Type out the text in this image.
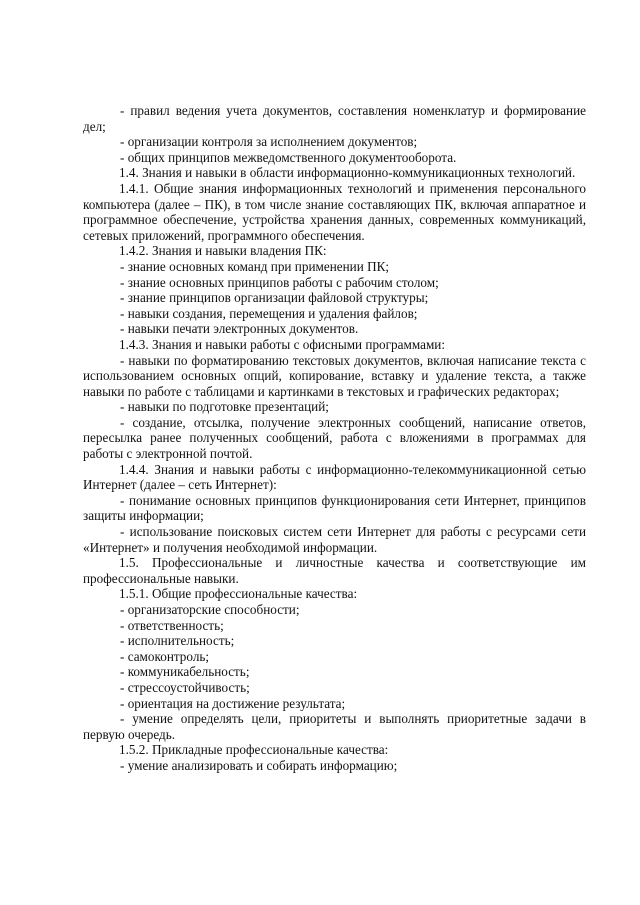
- правил ведения учета документов, составления номенклатур и формирование дел;

- организации контроля за исполнением документов;

- общих принципов межведомственного документооборота.

1.4. Знания и навыки в области информационно-коммуникационных технологий.

1.4.1. Общие знания информационных технологий и применения персонального компьютера (далее – ПК), в том числе знание составляющих ПК, включая аппаратное и программное обеспечение, устройства хранения данных, современных коммуникаций, сетевых приложений, программного обеспечения.

1.4.2. Знания и навыки владения ПК:

- знание основных команд при применении ПК;

- знание основных принципов работы с рабочим столом;

- знание принципов организации файловой структуры;

- навыки создания, перемещения и удаления файлов;

- навыки печати электронных документов.

1.4.3. Знания и навыки работы с офисными программами:

- навыки по форматированию текстовых документов, включая написание текста с использованием основных опций, копирование, вставку и удаление текста, а также навыки по работе с таблицами и картинками в текстовых и графических редакторах;

- навыки по подготовке презентаций;

- создание, отсылка, получение электронных сообщений, написание ответов, пересылка ранее полученных сообщений, работа с вложениями в программах для работы с электронной почтой.

1.4.4. Знания и навыки работы с информационно-телекоммуникационной сетью Интернет (далее – сеть Интернет):

- понимание основных принципов функционирования сети Интернет, принципов защиты информации;

- использование поисковых систем сети Интернет для работы с ресурсами сети «Интернет» и получения необходимой информации.

1.5. Профессиональные и личностные качества и соответствующие им профессиональные навыки.

1.5.1. Общие профессиональные качества:

- организаторские способности;

- ответственность;

- исполнительность;

- самоконтроль;

- коммуникабельность;

- стрессоустойчивость;

- ориентация на достижение результата;

- умение определять цели, приоритеты и выполнять приоритетные задачи в первую очередь.

1.5.2. Прикладные профессиональные качества:

- умение анализировать и собирать информацию;
